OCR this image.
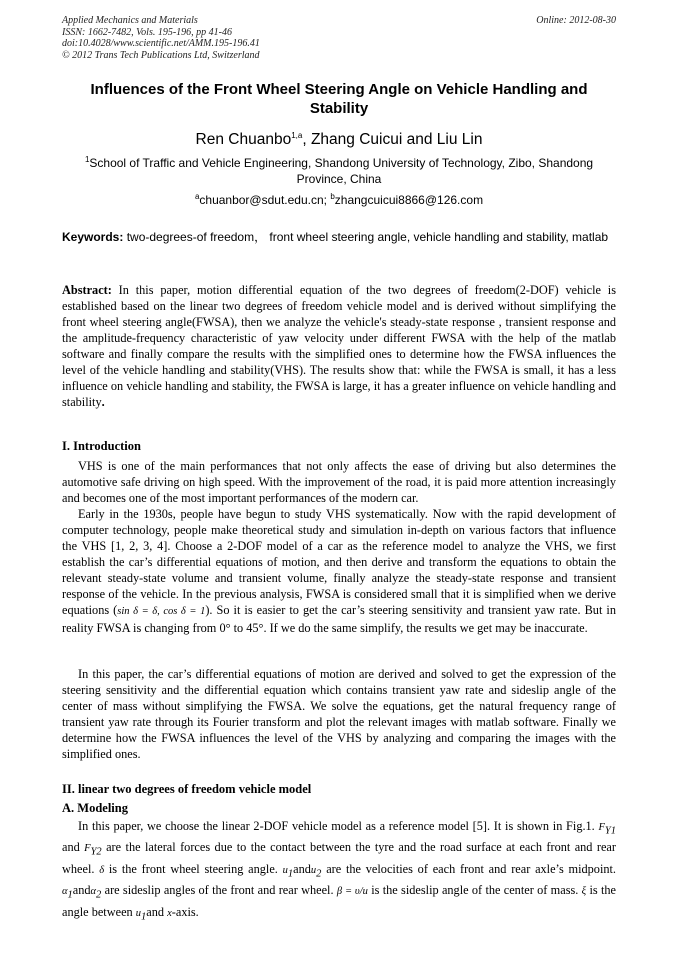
Applied Mechanics and Materials
ISSN: 1662-7482, Vols. 195-196, pp 41-46
doi:10.4028/www.scientific.net/AMM.195-196.41
© 2012 Trans Tech Publications Ltd, Switzerland
Online: 2012-08-30
Influences of the Front Wheel Steering Angle on Vehicle Handling and Stability
Ren Chuanbo$^{1,a}$, Zhang Cuicui and Liu Lin
$^1$School of Traffic and Vehicle Engineering, Shandong University of Technology, Zibo, Shandong Province, China
$^a$chuanbor@sdut.edu.cn; $^b$zhangcuicui8866@126.com
Keywords: two-degrees-of freedom， front wheel steering angle, vehicle handling and stability, matlab
Abstract: In this paper, motion differential equation of the two degrees of freedom(2-DOF) vehicle is established based on the linear two degrees of freedom vehicle model and is derived without simplifying the front wheel steering angle(FWSA), then we analyze the vehicle's steady-state response , transient response and the amplitude-frequency characteristic of yaw velocity under different FWSA with the help of the matlab software and finally compare the results with the simplified ones to determine how the FWSA influences the level of the vehicle handling and stability(VHS). The results show that: while the FWSA is small, it has a less influence on vehicle handling and stability, the FWSA is large, it has a greater influence on vehicle handling and stability.
I. Introduction
VHS is one of the main performances that not only affects the ease of driving but also determines the automotive safe driving on high speed. With the improvement of the road, it is paid more attention increasingly and becomes one of the most important performances of the modern car.
Early in the 1930s, people have begun to study VHS systematically. Now with the rapid development of computer technology, people make theoretical study and simulation in-depth on various factors that influence the VHS [1, 2, 3, 4]. Choose a 2-DOF model of a car as the reference model to analyze the VHS, we first establish the car’s differential equations of motion, and then derive and transform the equations to obtain the relevant steady-state volume and transient volume, finally analyze the steady-state response and transient response of the vehicle. In the previous analysis, FWSA is considered small that it is simplified when we derive equations (sin δ = δ, cos δ = 1). So it is easier to get the car’s steering sensitivity and transient yaw rate. But in reality FWSA is changing from 0° to 45°. If we do the same simplify, the results we get may be inaccurate.
In this paper, the car’s differential equations of motion are derived and solved to get the expression of the steering sensitivity and the differential equation which contains transient yaw rate and sideslip angle of the center of mass without simplifying the FWSA. We solve the equations, get the natural frequency range of transient yaw rate through its Fourier transform and plot the relevant images with matlab software. Finally we determine how the FWSA influences the level of the VHS by analyzing and comparing the images with the simplified ones.
II. linear two degrees of freedom vehicle model
A. Modeling
In this paper, we choose the linear 2-DOF vehicle model as a reference model [5]. It is shown in Fig.1. $F_{Y1}$ and $F_{Y2}$ are the lateral forces due to the contact between the tyre and the road surface at each front and rear wheel. δ is the front wheel steering angle. $u_1andu_2$ are the velocities of each front and rear axle’s midpoint. $\alpha_1and\alpha_2$ are sideslip angles of the front and rear wheel. β = υ/u is the sideslip angle of the center of mass. ξ is the angle between $u_1and$ x-axis.
